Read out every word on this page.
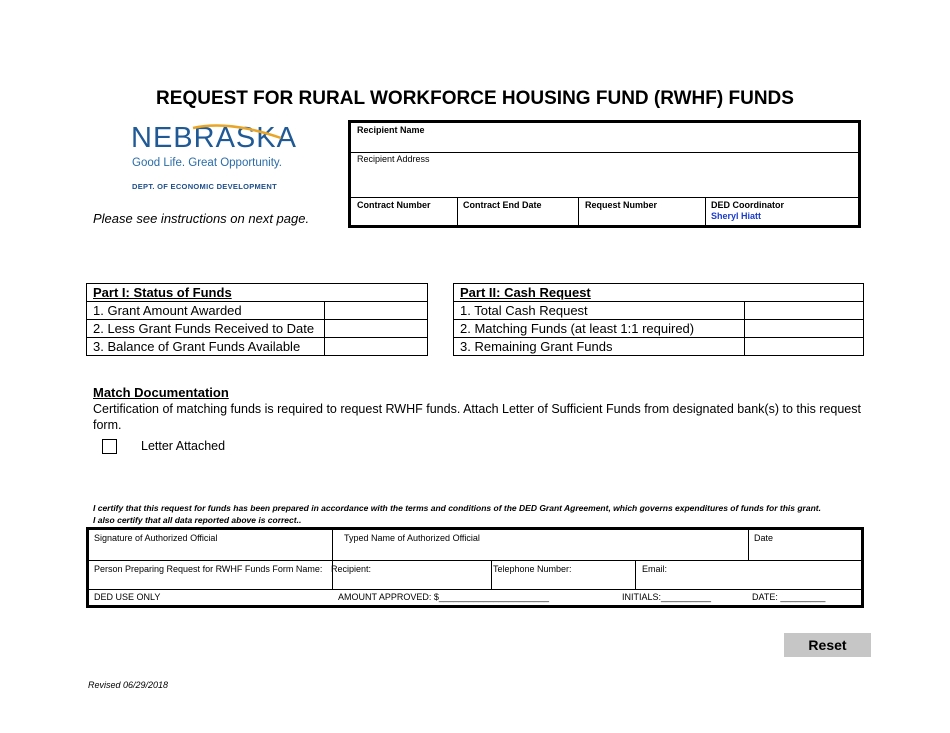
REQUEST FOR RURAL WORKFORCE HOUSING FUND (RWHF) FUNDS
NEBRASKA
Good Life. Great Opportunity.
DEPT. OF ECONOMIC DEVELOPMENT
Please see instructions on next page.
Recipient Name
Recipient Address
Contract Number	Contract End Date	Request Number	DED Coordinator
Sheryl Hiatt
Part I: Status of Funds	
1. Grant Amount Awarded	
2. Less Grant Funds Received to Date	
3. Balance of Grant Funds Available	
Part II: Cash Request	
1. Total Cash Request	
2. Matching Funds (at least 1:1 required)	
3. Remaining Grant Funds	
Match Documentation
Certification of matching funds is required to request RWHF funds. Attach Letter of Sufficient Funds from designated bank(s) to this request form.
Letter Attached
I certify that this request for funds has been prepared in accordance with the terms and conditions of the DED Grant Agreement, which governs expenditures of funds for this grant.
I also certify that all data reported above is correct..
Signature of Authorized Official	Typed Name of Authorized Official	Date
Person Preparing Request for RWHF Funds Form Name: Recipient:	Telephone Number:	Email:
DED USE ONLY	AMOUNT APPROVED: $______________________	INITIALS:__________	DATE: _________
Reset
Revised 06/29/2018
